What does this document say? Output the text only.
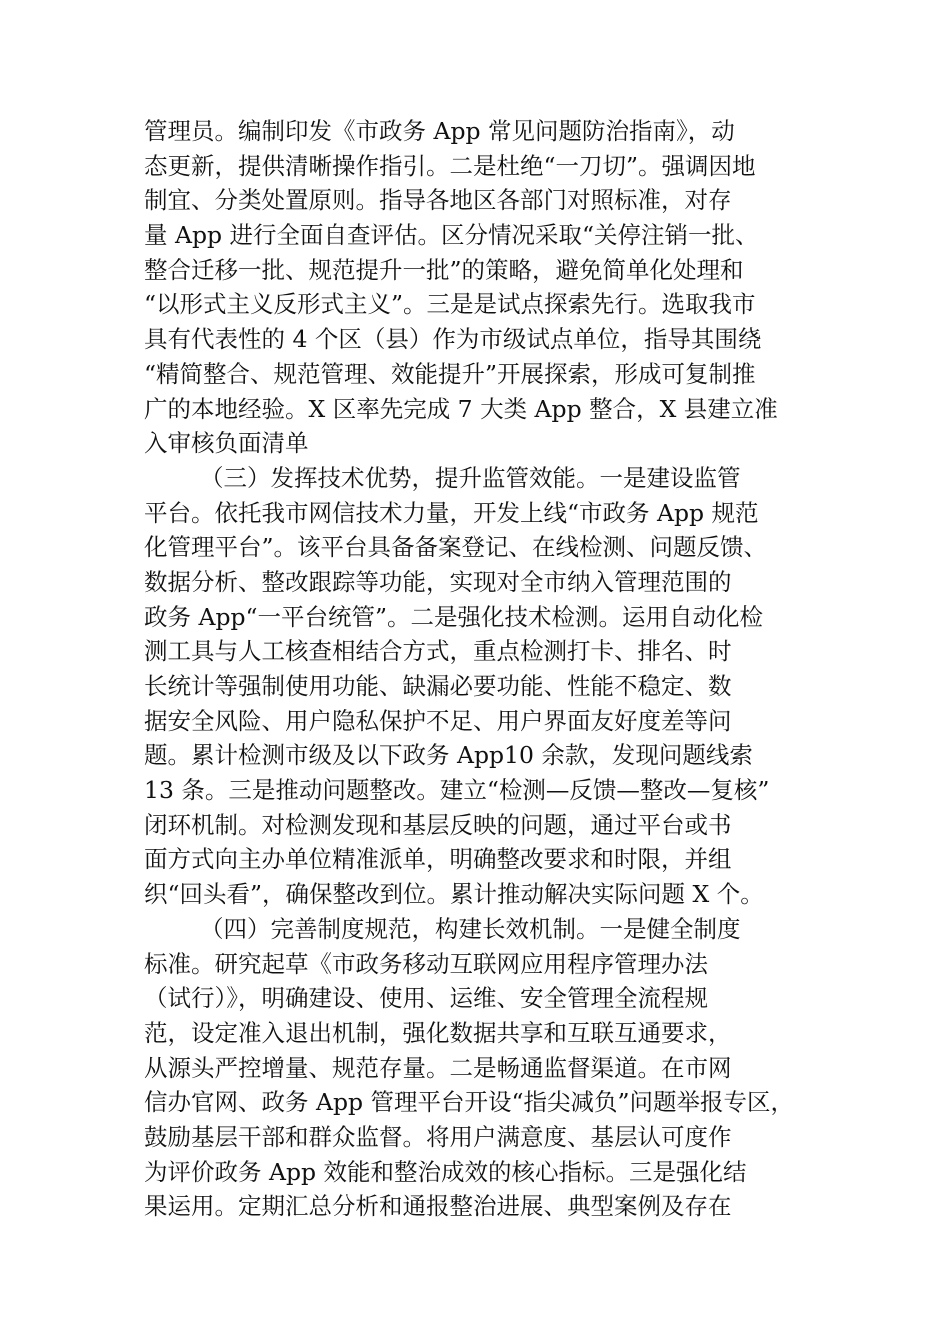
管理员。编制印发《市政务 App 常见问题防治指南》，动
态更新，提供清晰操作指引。二是杜绝“一刀切”。强调因地
制宜、分类处置原则。指导各地区各部门对照标准，对存
量 App 进行全面自查评估。区分情况采取“关停注销一批、
整合迁移一批、规范提升一批”的策略，避免简单化处理和
“以形式主义反形式主义”。三是是试点探索先行。选取我市
具有代表性的 4 个区（县）作为市级试点单位，指导其围绕
“精简整合、规范管理、效能提升”开展探索，形成可复制推
广的本地经验。X 区率先完成 7 大类 App 整合，X 县建立准
入审核负面清单
（三）发挥技术优势，提升监管效能。一是建设监管
平台。依托我市网信技术力量，开发上线“市政务 App 规范
化管理平台”。该平台具备备案登记、在线检测、问题反馈、
数据分析、整改跟踪等功能，实现对全市纳入管理范围的
政务 App“一平台统管”。二是强化技术检测。运用自动化检
测工具与人工核查相结合方式，重点检测打卡、排名、时
长统计等强制使用功能、缺漏必要功能、性能不稳定、数
据安全风险、用户隐私保护不足、用户界面友好度差等问
题。累计检测市级及以下政务 App10 余款，发现问题线索
13 条。三是推动问题整改。建立“检测—反馈—整改—复核”
闭环机制。对检测发现和基层反映的问题，通过平台或书
面方式向主办单位精准派单，明确整改要求和时限，并组
织“回头看”，确保整改到位。累计推动解决实际问题 X 个。
（四）完善制度规范，构建长效机制。一是健全制度
标准。研究起草《市政务移动互联网应用程序管理办法
（试行）》，明确建设、使用、运维、安全管理全流程规
范，设定准入退出机制，强化数据共享和互联互通要求，
从源头严控增量、规范存量。二是畅通监督渠道。在市网
信办官网、政务 App 管理平台开设“指尖减负”问题举报专区，
鼓励基层干部和群众监督。将用户满意度、基层认可度作
为评价政务 App 效能和整治成效的核心指标。三是强化结
果运用。定期汇总分析和通报整治进展、典型案例及存在
